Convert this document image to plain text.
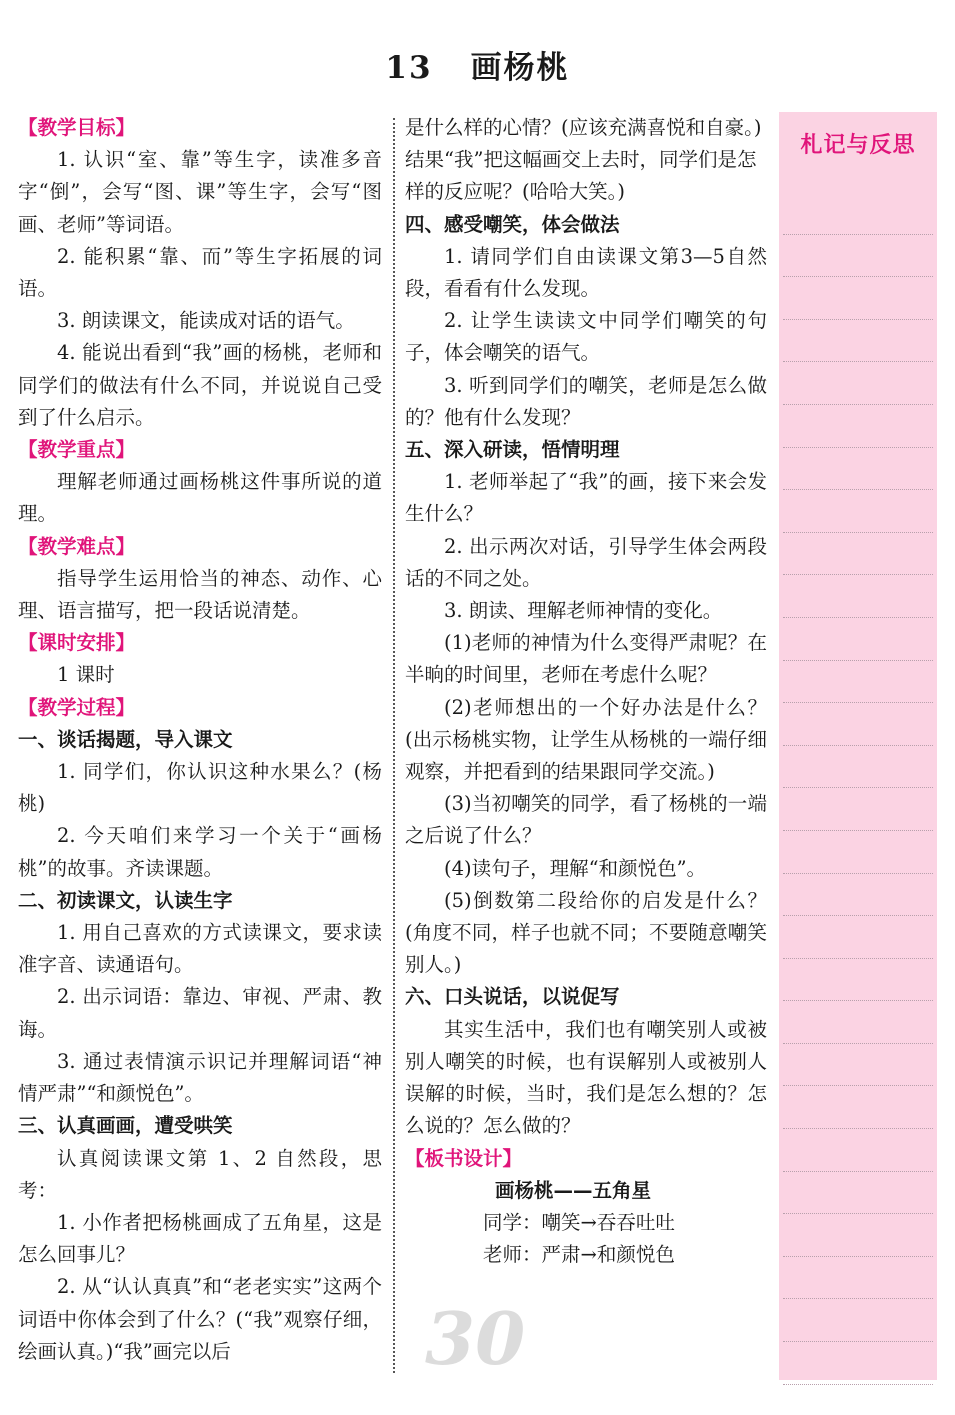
13 画杨桃

【教学目标】

1. 认识“室、靠”等生字，读准多音字“倒”，会写“图、课”等生字，会写“图画、老师”等词语。

2. 能积累“靠、而”等生字拓展的词语。

3. 朗读课文，能读成对话的语气。

4. 能说出看到“我”画的杨桃，老师和同学们的做法有什么不同，并说说自己受到了什么启示。

【教学重点】

理解老师通过画杨桃这件事所说的道理。

【教学难点】

指导学生运用恰当的神态、动作、心理、语言描写，把一段话说清楚。

【课时安排】

1 课时

【教学过程】

一、谈话揭题，导入课文

1. 同学们，你认识这种水果么？(杨桃)

2. 今天咱们来学习一个关于“画杨桃”的故事。齐读课题。

二、初读课文，认读生字

1. 用自己喜欢的方式读课文，要求读准字音、读通语句。

2. 出示词语：靠边、审视、严肃、教诲。

3. 通过表情演示识记并理解词语“神情严肃”“和颜悦色”。

三、认真画画，遭受哄笑

认真阅读课文第 1、2 自然段，思考：

1. 小作者把杨桃画成了五角星，这是怎么回事儿？

2. 从“认认真真”和“老老实实”这两个词语中你体会到了什么？(“我”观察仔细，绘画认真。)“我”画完以后

是什么样的心情？(应该充满喜悦和自豪。)结果“我”把这幅画交上去时，同学们是怎样的反应呢？(哈哈大笑。)

四、感受嘲笑，体会做法

1. 请同学们自由读课文第3—5自然段，看看有什么发现。

2. 让学生读读文中同学们嘲笑的句子，体会嘲笑的语气。

3. 听到同学们的嘲笑，老师是怎么做的？他有什么发现？

五、深入研读，悟情明理

1. 老师举起了“我”的画，接下来会发生什么？

2. 出示两次对话，引导学生体会两段话的不同之处。

3. 朗读、理解老师神情的变化。

(1)老师的神情为什么变得严肃呢？在半晌的时间里，老师在考虑什么呢？

(2)老师想出的一个好办法是什么？(出示杨桃实物，让学生从杨桃的一端仔细观察，并把看到的结果跟同学交流。)

(3)当初嘲笑的同学，看了杨桃的一端之后说了什么？

(4)读句子，理解“和颜悦色”。

(5)倒数第二段给你的启发是什么？(角度不同，样子也就不同；不要随意嘲笑别人。)

六、口头说话，以说促写

其实生活中，我们也有嘲笑别人或被别人嘲笑的时候，也有误解别人或被别人误解的时候，当时，我们是怎么想的？怎么说的？怎么做的？

【板书设计】

画杨桃——五角星

同学：嘲笑→吞吞吐吐

老师：严肃→和颜悦色

札记与反思
30
